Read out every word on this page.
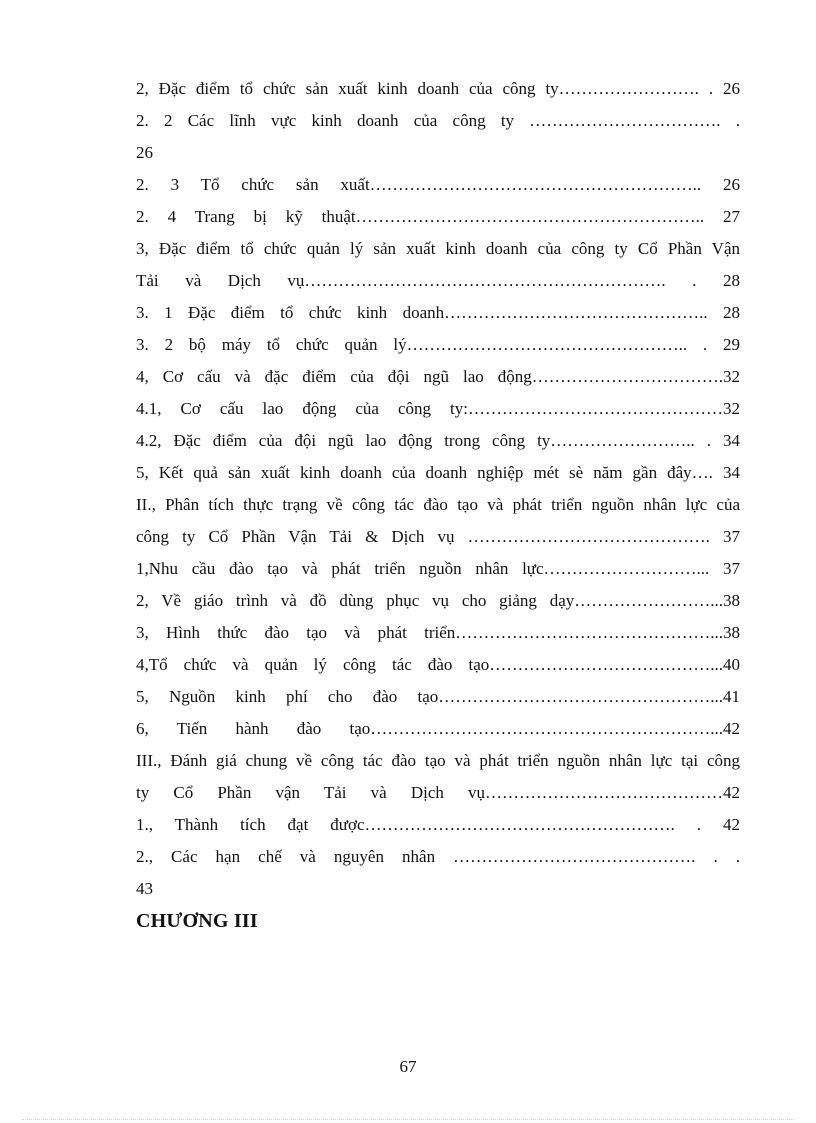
2, Đặc điểm tổ chức sản xuất kinh doanh của công ty……………………. . 26
2. 2 Các lĩnh vực kinh doanh của công ty ……………………………. .
26
2. 3 Tổ chức sản xuất………………………………………………….. 26
2. 4 Trang bị kỹ thuật…………………………………………………….. 27
3, Đặc điểm tổ chức quản lý sản xuất kinh doanh của công ty Cổ Phần Vận
Tải và Dịch vụ………………………………………………………. . 28
3. 1 Đặc điểm tổ chức kinh doanh……………………………………….. 28
3. 2 bộ máy tổ chức quản lý………………………………………….. . 29
4, Cơ cấu và đặc điểm của đội ngũ lao động…………………………….32
4.1, Cơ cấu lao động của công ty:………………………………………32
4.2, Đặc điểm của đội ngũ lao động trong công ty…………………….. . 34
5, Kết quả sản xuất kinh doanh của doanh nghiệp mét sè năm gần đây…. 34
II., Phân tích thực trạng về công tác đào tạo và phát triển nguồn nhân lực của
công ty Cổ Phần Vận Tải & Dịch vụ ……………………………………. 37
1,Nhu cầu đào tạo và phát triển nguồn nhân lực………………………... 37
2, Về giáo trình và đồ dùng phục vụ cho giảng dạy……………………...38
3, Hình thức đào tạo và phát triển………………………………………...38
4,Tổ chức và quản lý công tác đào tạo…………………………………...40
5, Nguồn kinh phí cho đào tạo…………………………………………...41
6, Tiến hành đào tạo……………………………………………………...42
III., Đánh giá chung về công tác đào tạo và phát triển nguồn nhân lực tại công
ty Cổ Phần vận Tải và Dịch vụ……………………………………42
1., Thành tích đạt được………………………………………………. . 42
2., Các hạn chế và nguyên nhân ……………………………………. . .
43
CHƯƠNG III
67
